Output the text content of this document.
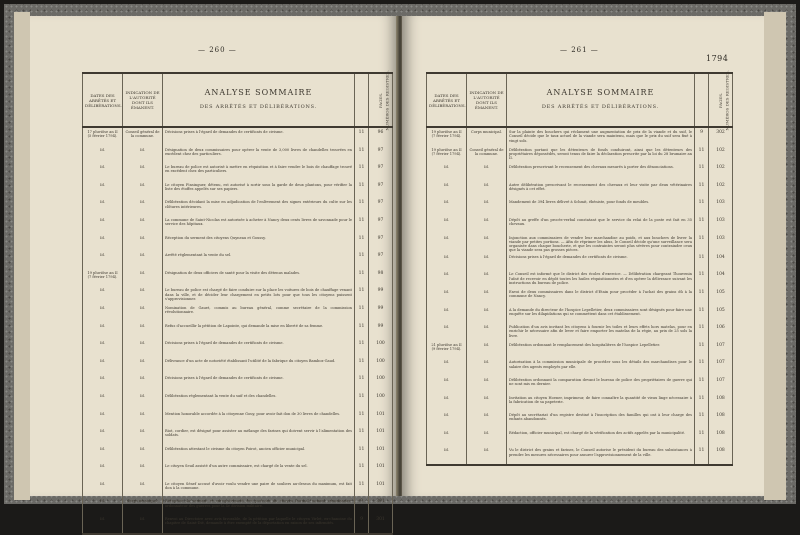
— 260 —
DATES DES ARRÊTÉS ET DÉLIBÉRATIONS.	INDICATION DE L'AUTORITÉ DONT ILS ÉMANENT.	ANALYSE SOMMAIRE
DES ARRÊTÉS ET DÉLIBÉRATIONS.	NUMÉROS DES REGISTRES.	PAGES.
17 pluviôse an II (5 février 1794).	Conseil général de la commune.	Décisions prises à l'égard de demandes de certificats de civisme.	11	96
Id.	Id.	Désignation de deux commissaires pour opérer la vente de 3,000 livres de chandelles trouvées en excédent chez des particuliers.	11	97
Id.	Id.	Le bureau de police est autorisé à mettre en réquisition et à faire vendre le bois de chauffage trouvé en excédent chez des particuliers.	11	97
Id.	Id.	Le citoyen Finsinguer, détenu, est autorisé à sortir sous la garde de deux plantons, pour vérifier la liste des étoffes appelés sur ses papiers.	11	97
Id.	Id.	Délibération décidant la mise en adjudication de l'enlèvement des signes extérieurs du culte sur les clôtures intérieures.	11	97
Id.	Id.	La commune de Saint-Nicolas est autorisée à acheter à Nancy deux cents livres de savonnade pour le service des hôpitaux.	11	97
Id.	Id.	Réception du serment des citoyens Quyneau et Goussy.	11	97
Id.	Id.	Arrêté réglementant la vente du sel.	11	97
19 pluviôse an II (7 février 1794).	Id.	Désignation de deux officiers de santé pour la visite des détenus malades.	11	98
Id.	Id.	Le bureau de police est chargé de faire conduire sur la place les voitures de bois de chauffage venant dans la ville, et de décider leur chargement en petits lots pour que tous les citoyens puissent s'approvisionner.	11	99
Id.	Id.	Nomination de Gauet, commis au bureau général, comme secrétaire de la commission révolutionnaire.	11	99
Id.	Id.	Refus d'accueillir la pétition de Lapointe, qui demande la mise en liberté de sa femme.	11	99
Id.	Id.	Décisions prises à l'égard de demandes de certificats de civisme.	11	100
Id.	Id.	Délivrance d'un acte de notoriété établissant l'utilité de la fabrique du citoyen Bamboz-Gaud.	11	100
Id.	Id.	Décisions prises à l'égard de demandes de certificats de civisme.	11	100
Id.	Id.	Délibération réglementant la vente du suif et des chandelles.	11	100
Id.	Id.	Mention honorable accordée à la citoyenne Gouy, pour avoir fait don de 30 livres de chandelles.	11	101
Id.	Id.	Riot, cordier, est désigné pour assister au mélange des farines qui doivent servir à l'alimentation des soldats.	11	101
Id.	Id.	Délibération attestant le civisme du citoyen Poirot, ancien officier municipal.	11	101
Id.	Id.	Le citoyen Seuil assisté d'un autre commissaire, est chargé de la vente du sel.	11	101
Id.	Id.	Le citoyen Sénef accusé d'avoir voulu vendre une paire de souliers au-dessus du maximum, est fait don à la commune.	11	101
Id.	Corps municipal.	Réception du serment et enregistrement des pouvoirs du citoyen Dormal, nommé commissaire-ordonnateur des guerres pour la 4e division militaire.	9	301
Id.	Id.	Renvoi au Directoire avec avis favorable, de la pétition par laquelle le citoyen Virlet, ex-chanoine du chapitre de Saint-Dié, demande à être exempté de la déportation en raison de ses infirmités.	9	301
— 261 —
1794
DATES DES ARRÊTÉS ET DÉLIBÉRATIONS.	INDICATION DE L'AUTORITÉ DONT ILS ÉMANENT.	ANALYSE SOMMAIRE
DES ARRÊTÉS ET DÉLIBÉRATIONS.	NUMÉROS DES REGISTRES.	PAGES.
19 pluviôse an II (7 février 1794).	Corps municipal.	Sur la plainte des bouchers qui réclament une augmentation de prix de la viande et du suif, le Conseil décide que le taux actuel de la viande sera maintenu, mais que le prix du suif sera fixé à vingt sols.	9	302
19 pluviôse an II (7 février 1794).	Conseil général de la commune.	Délibération portant que les détenteurs de fonds conduiront, ainsi que les détenteurs des propriétaires dépossédés, seront tenus de faire la déclaration prescrite par la loi du 28 brumaire an II.	11	102
Id.	Id.	Délibération prescrivant le recensement des chevaux mesurés à porter des dénonciations.	11	102
Id.	Id.	Autre délibération prescrivant le recensement des chevaux et leur visite par deux vétérinaires désignés à cet effet.	11	102
Id.	Id.	Mandement de 394 livres délivré à Schmit, ébéniste, pour fonds de meubles.	11	103
Id.	Id.	Dépôt au greffe d'un procès-verbal constatant que le service du relai de la poste est fait en 35 chevaux.	11	103
Id.	Id.	Injonction aux commissaires de vendre leur marchandise au poids, et aux bouchers de livrer la viande par petites portions. — Afin de réprimer les abus, le Conseil décide qu'une surveillance sera organisée dans chaque boucherie, et que les contraintes seront plus sévères pour contraindre ceux que la viande sera pas grosses pièces.	11	103
Id.	Id.	Décisions prises à l'égard de demandes de certificats de civisme.	11	104
Id.	Id.	Le Conseil est informé que le district des écoles d'exercice. — Délibération chargeant Thouvenin l'aîné de recevoir en dépôt toutes les huiles réquisitionnées et d'en opérer la délivrance suivant les instructions du bureau de police.	11	104
Id.	Id.	Envoi de deux commissaires dans le district d'Etain pour procéder à l'achat des grains dû à la commune de Nancy.	11	105
Id.	Id.	A la demande du directeur de l'hospice Lepelletier, deux commissaires sont désignés pour faire une enquête sur les dilapidations qui se commettent dans cet établissement.	11	105
Id.	Id.	Publication d'un avis invitant les citoyens à fournir les toiles et leurs effets hors matelas, pour en enrichir le nécessaire afin de lever et faire emporter les matelas de la régie, au prix de 25 sols la livre.	11	106
21 pluviôse an II (9 février 1794).	Id.	Délibération ordonnant le remplacement des hospitalières de l'hospice Lepelletier.	11	107
Id.	Id.	Autorisation à la commission municipale de procéder sous les détails des marchandises pour le salaire des agents employés par elle.	11	107
Id.	Id.	Délibération ordonnant la comparution devant le bureau de police des propriétaires de guerre qui ne sont mis en dernier.	11	107
Id.	Id.	Invitation au citoyen Hoener, imprimeur, de faire connaître la quantité de vieux linge nécessaire à la fabrication de sa papeterie.	11	108
Id.	Id.	Dépôt au secrétariat d'un registre destiné à l'inscription des familles qui ont à leur charge des enfants abandonnés.	11	108
Id.	Id.	Rédaction, officier municipal, est chargé de la vérification des actifs appelés par la municipalité.	11	108
Id.	Id.	Vu le district des grains et farines, le Conseil autorise le président du bureau des subsistances à prendre les mesures nécessaires pour assurer l'approvisionnement de la ville.	11	108
